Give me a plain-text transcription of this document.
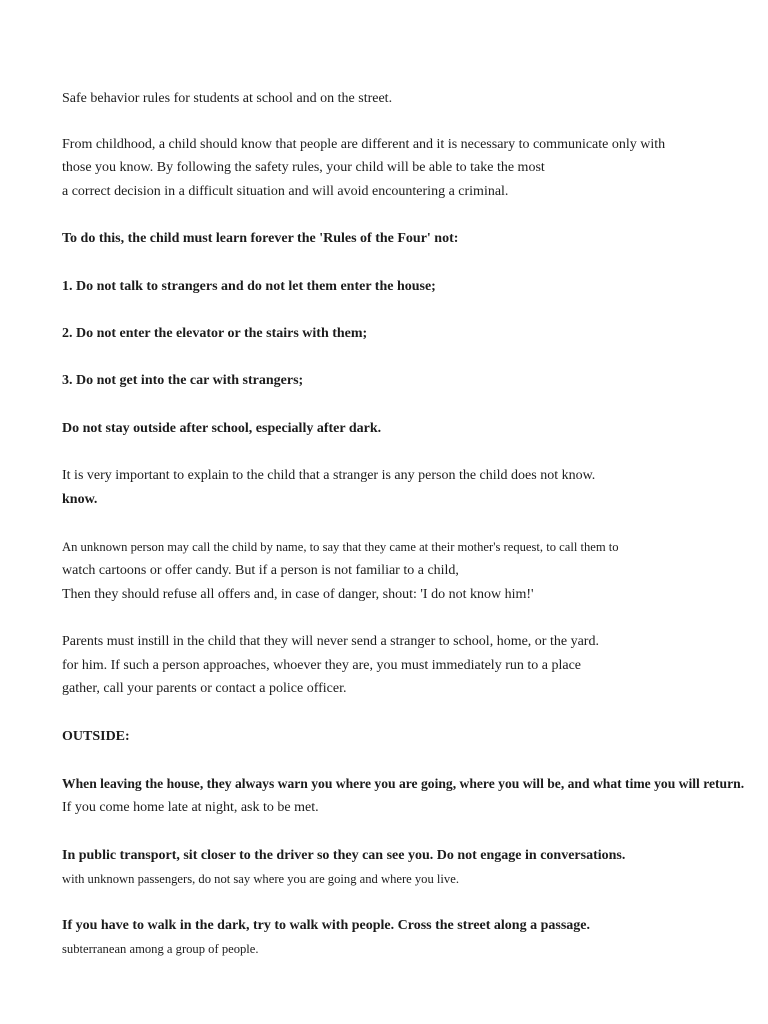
Safe behavior rules for students at school and on the street.
From childhood, a child should know that people are different and it is necessary to communicate only with
those you know. By following the safety rules, your child will be able to take the most
a correct decision in a difficult situation and will avoid encountering a criminal.
To do this, the child must learn forever the 'Rules of the Four' not:
1. Do not talk to strangers and do not let them enter the house;
2. Do not enter the elevator or the stairs with them;
3. Do not get into the car with strangers;
Do not stay outside after school, especially after dark.
It is very important to explain to the child that a stranger is any person the child does not know.
know.
An unknown person may call the child by name, to say that they came at their mother's request, to call them to
watch cartoons or offer candy. But if a person is not familiar to a child,
Then they should refuse all offers and, in case of danger, shout: 'I do not know him!'
Parents must instill in the child that they will never send a stranger to school, home, or the yard.
for him. If such a person approaches, whoever they are, you must immediately run to a place
gather, call your parents or contact a police officer.
OUTSIDE:
When leaving the house, they always warn you where you are going, where you will be, and what time you will return.
If you come home late at night, ask to be met.
In public transport, sit closer to the driver so they can see you. Do not engage in conversations.
with unknown passengers, do not say where you are going and where you live.
If you have to walk in the dark, try to walk with people. Cross the street along a passage.
subterranean among a group of people.
